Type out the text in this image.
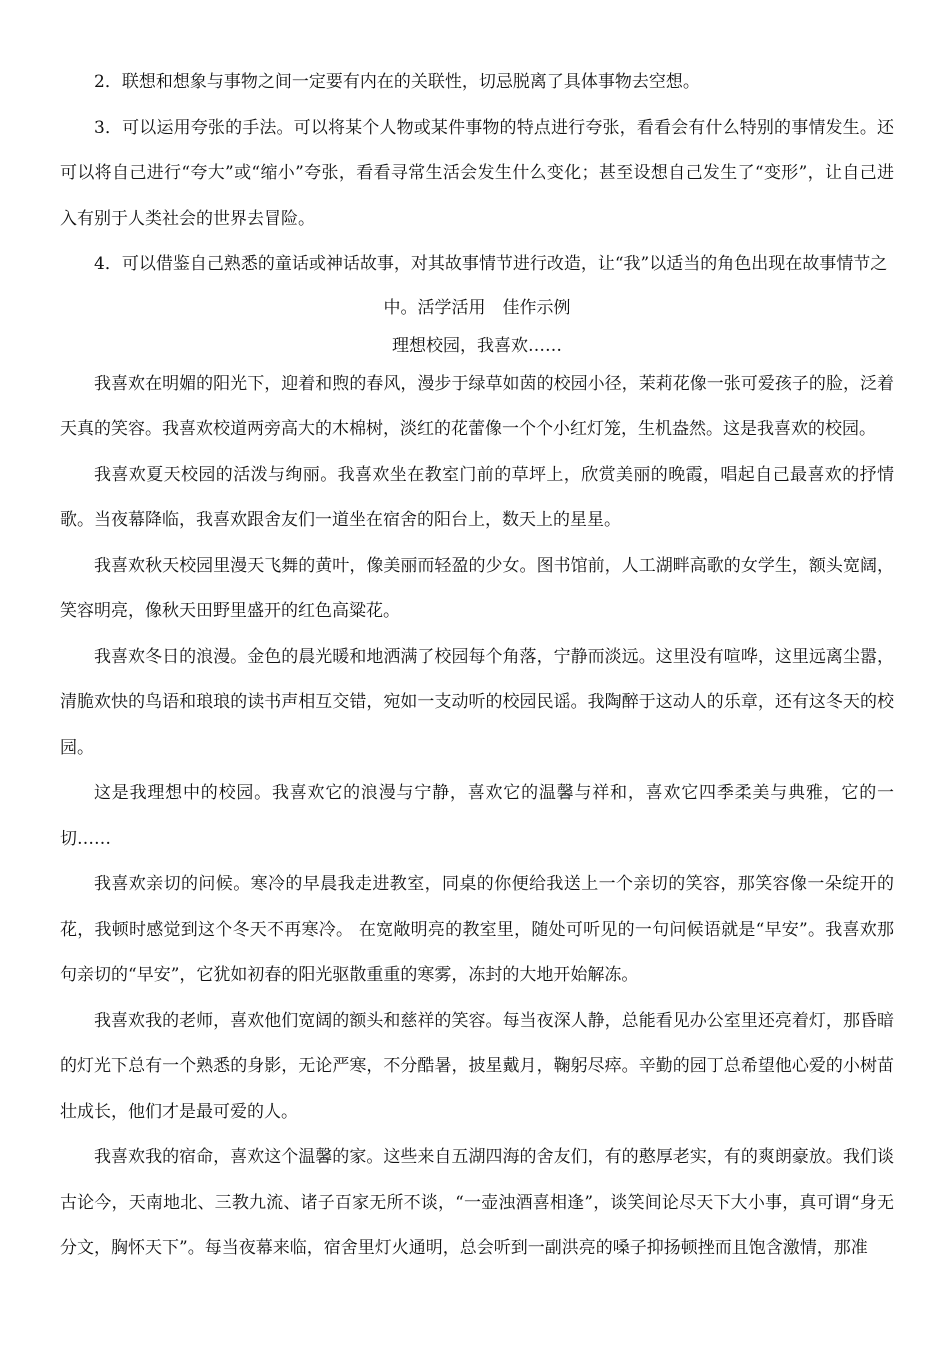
2．联想和想象与事物之间一定要有内在的关联性，切忌脱离了具体事物去空想。

3．可以运用夸张的手法。可以将某个人物或某件事物的特点进行夸张，看看会有什么特别的事情发生。还可以将自己进行“夸大”或“缩小”夸张，看看寻常生活会发生什么变化；甚至设想自己发生了“变形”，让自己进入有别于人类社会的世界去冒险。

4．可以借鉴自己熟悉的童话或神话故事，对其故事情节进行改造，让“我”以适当的角色出现在故事情节之

中。活学活用　佳作示例

理想校园，我喜欢……

我喜欢在明媚的阳光下，迎着和煦的春风，漫步于绿草如茵的校园小径，茉莉花像一张可爱孩子的脸，泛着天真的笑容。我喜欢校道两旁高大的木棉树，淡红的花蕾像一个个小红灯笼，生机盎然。这是我喜欢的校园。

我喜欢夏天校园的活泼与绚丽。我喜欢坐在教室门前的草坪上，欣赏美丽的晚霞，唱起自己最喜欢的抒情歌。当夜幕降临，我喜欢跟舍友们一道坐在宿舍的阳台上，数天上的星星。

我喜欢秋天校园里漫天飞舞的黄叶，像美丽而轻盈的少女。图书馆前，人工湖畔高歌的女学生，额头宽阔，笑容明亮，像秋天田野里盛开的红色高粱花。

我喜欢冬日的浪漫。金色的晨光暖和地洒满了校园每个角落，宁静而淡远。这里没有喧哗，这里远离尘嚣，清脆欢快的鸟语和琅琅的读书声相互交错，宛如一支动听的校园民谣。我陶醉于这动人的乐章，还有这冬天的校园。

这是我理想中的校园。我喜欢它的浪漫与宁静，喜欢它的温馨与祥和，喜欢它四季柔美与典雅，它的一切……

我喜欢亲切的问候。寒冷的早晨我走进教室，同桌的你便给我送上一个亲切的笑容，那笑容像一朵绽开的花，我顿时感觉到这个冬天不再寒冷。 在宽敞明亮的教室里，随处可听见的一句问候语就是“早安”。我喜欢那句亲切的“早安”，它犹如初春的阳光驱散重重的寒雾，冻封的大地开始解冻。

我喜欢我的老师，喜欢他们宽阔的额头和慈祥的笑容。每当夜深人静，总能看见办公室里还亮着灯，那昏暗的灯光下总有一个熟悉的身影，无论严寒，不分酷暑，披星戴月，鞠躬尽瘁。辛勤的园丁总希望他心爱的小树苗壮成长，他们才是最可爱的人。

我喜欢我的宿命，喜欢这个温馨的家。这些来自五湖四海的舍友们，有的憨厚老实，有的爽朗豪放。我们谈古论今，天南地北、三教九流、诸子百家无所不谈，“一壶浊酒喜相逢”，谈笑间论尽天下大小事，真可谓“身无分文，胸怀天下”。每当夜幕来临，宿舍里灯火通明，总会听到一副洪亮的嗓子抑扬顿挫而且饱含激情，那准
